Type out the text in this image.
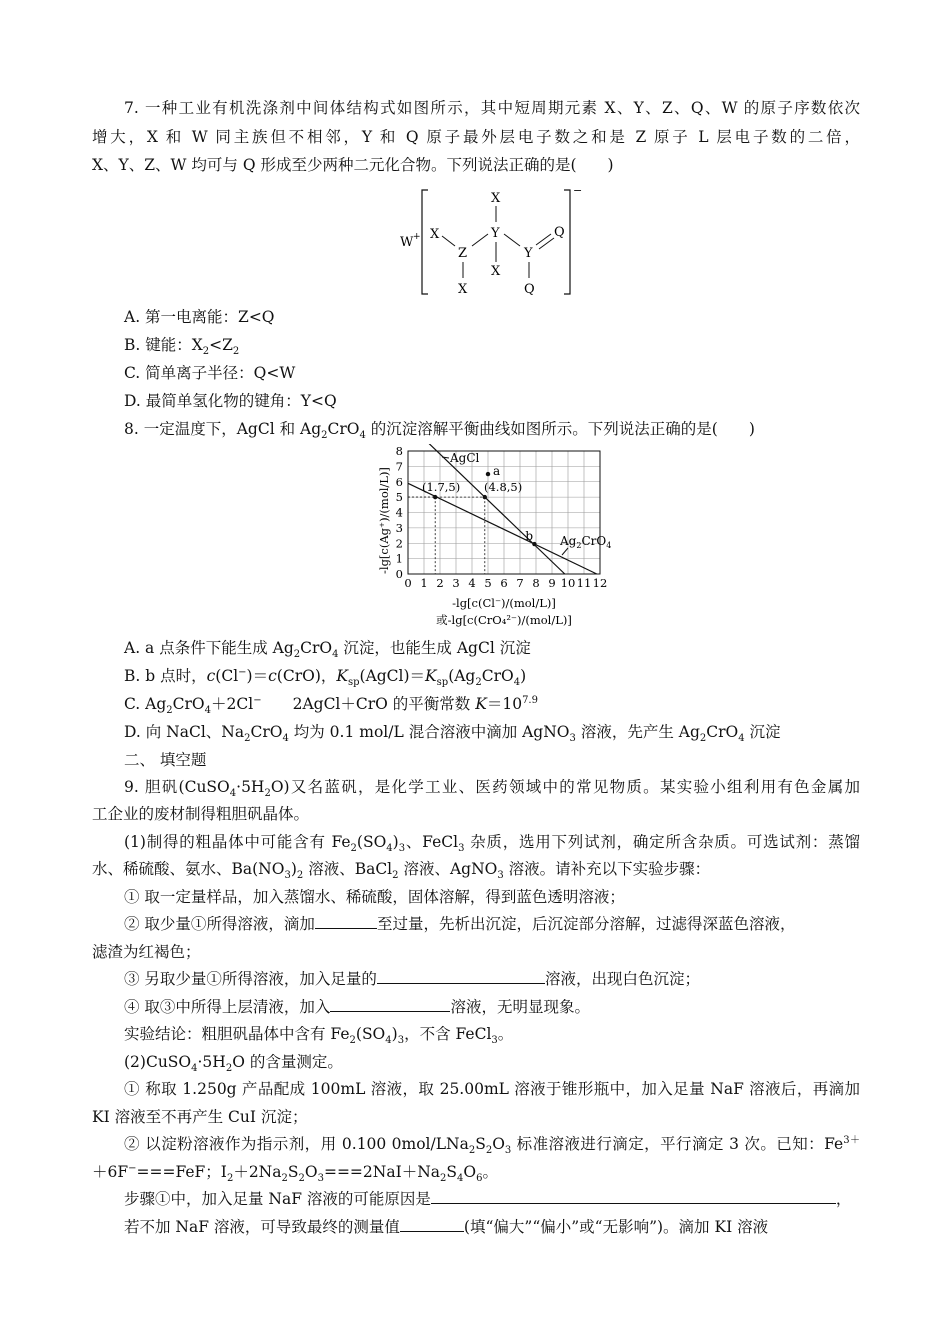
7. 一种工业有机洗涤剂中间体结构式如图所示，其中短周期元素 X、Y、Z、Q、W 的原子序数依次
增大，X 和 W 同主族但不相邻，Y 和 Q 原子最外层电子数之和是 Z 原子 L 层电子数的二倍，
X、Y、Z、W 均可与 Q 形成至少两种二元化合物。下列说法正确的是(　　)
W +
−
X
Y
X
X
Z
X
Y
Q
Q
A. 第一电离能：Z<Q
B. 键能：$X_2<Z_2$
C. 简单离子半径：Q<W
D. 最简单氢化物的键角：Y<Q
8. 一定温度下，AgCl 和 $Ag_2CrO_4$ 的沉淀溶解平衡曲线如图所示。下列说法正确的是(　　)
0 1 2 3 4 5 6 7 8 9 10 11 12
0
1
2
3
4
5
6
7
8
a
b
(1.7,5) (4.8,5)
AgCl
$Ag_2CrO_4$
-lg[c(Ag⁺)/(mol/L)]
-lg[c(Cl⁻)/(mol/L)]
或-lg[c(CrO₄²⁻)/(mol/L)]
A. a 点条件下能生成 $Ag_2CrO_4$ 沉淀，也能生成 AgCl 沉淀
B. b 点时，c(Cl−)＝c(CrO)，$K_{sp}(AgCl)=K_{sp}(Ag_2CrO_4)$
C. $Ag_2CrO_4+2Cl^-$　　2AgCl＋CrO 的平衡常数 $K=10^{7.9}$
D. 向 NaCl、$Na_2CrO_4$ 均为 0.1 mol/L 混合溶液中滴加 AgNO$_3$ 溶液，先产生 $Ag_2CrO_4$ 沉淀
二、 填空题
9. 胆矾$(CuSO_4\cdot 5H_2O)$又名蓝矾，是化学工业、医药领域中的常见物质。某实验小组利用有色金属加
工企业的废材制得粗胆矾晶体。
(1)制得的粗晶体中可能含有 $Fe_2(SO_4)_3$、FeCl$_3$ 杂质，选用下列试剂，确定所含杂质。可选试剂：蒸馏
水、稀硫酸、氨水、$Ba(NO_3)_2$ 溶液、BaCl$_2$ 溶液、AgNO$_3$ 溶液。请补充以下实验步骤：
① 取一定量样品，加入蒸馏水、稀硫酸，固体溶解，得到蓝色透明溶液；
② 取少量①所得溶液，滴加	至过量，先析出沉淀，后沉淀部分溶解，过滤得深蓝色溶液，
滤渣为红褐色；
③ 另取少量①所得溶液，加入足量的	溶液，出现白色沉淀；
④ 取③中所得上层清液，加入	溶液，无明显现象。
实验结论：粗胆矾晶体中含有 $Fe_2(SO_4)_3$，不含 FeCl$_3$。
$(2)CuSO_4\cdot 5H_2O$ 的含量测定。
① 称取 1.250g 产品配成 100mL 溶液，取 25.00mL 溶液于锥形瓶中，加入足量 NaF 溶液后，再滴加
KI 溶液至不再产生 CuI 沉淀；
② 以淀粉溶液作为指示剂，用 0.100 $0mol/LNa_2S_2O_3$ 标准溶液进行滴定，平行滴定 3 次。已知：$Fe^{3+}$
＋6F−===FeF；$I_2+2Na_2S_2O_3===2NaI+Na_2S_4O_6$。
步骤①中，加入足量 NaF 溶液的可能原因是	，
若不加 NaF 溶液，可导致最终的测量值	(填“偏大”“偏小”或“无影响”)。滴加 KI 溶液
